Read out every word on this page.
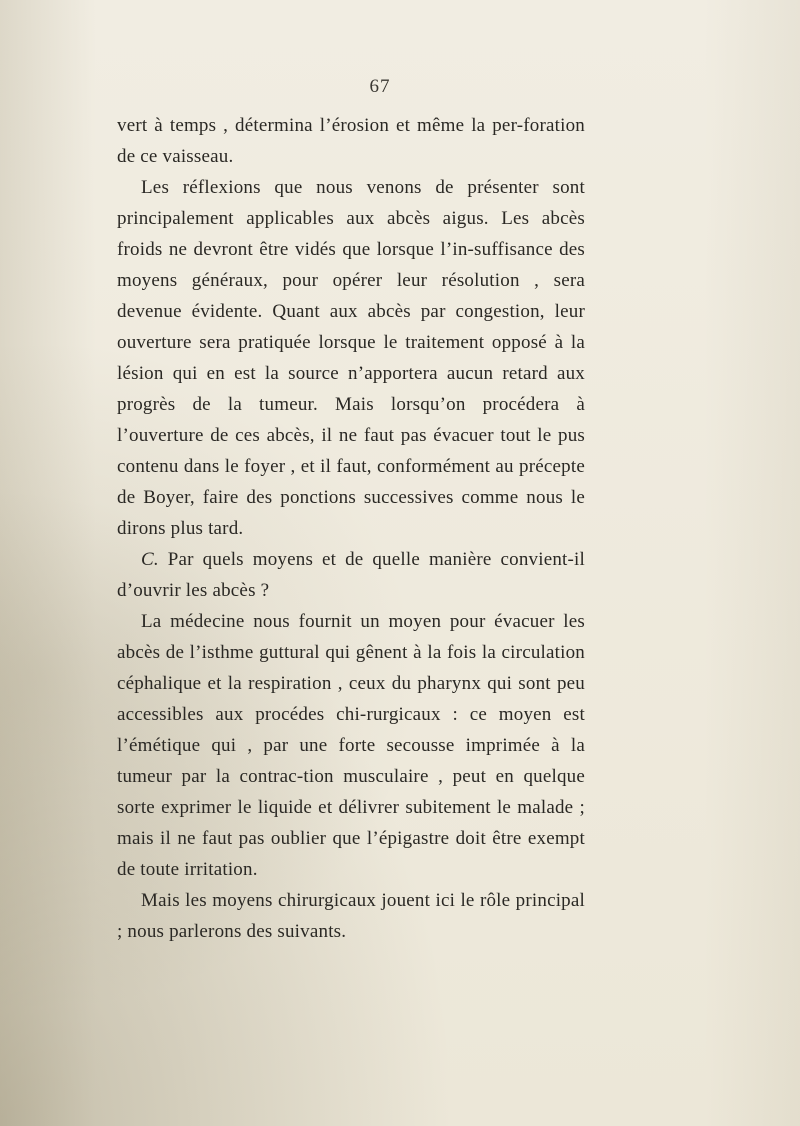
67

vert à temps , détermina l’érosion et même la per-foration de ce vaisseau.

Les réflexions que nous venons de présenter sont principalement applicables aux abcès aigus. Les abcès froids ne devront être vidés que lorsque l’in-suffisance des moyens généraux, pour opérer leur résolution , sera devenue évidente. Quant aux abcès par congestion, leur ouverture sera pratiquée lorsque le traitement opposé à la lésion qui en est la source n’apportera aucun retard aux progrès de la tumeur. Mais lorsqu’on procédera à l’ouverture de ces abcès, il ne faut pas évacuer tout le pus contenu dans le foyer , et il faut, conformément au précepte de Boyer, faire des ponctions successives comme nous le dirons plus tard.

C. Par quels moyens et de quelle manière convient-il d’ouvrir les abcès ?

La médecine nous fournit un moyen pour évacuer les abcès de l’isthme guttural qui gênent à la fois la circulation céphalique et la respiration , ceux du pharynx qui sont peu accessibles aux procédes chi-rurgicaux : ce moyen est l’émétique qui , par une forte secousse imprimée à la tumeur par la contrac-tion musculaire , peut en quelque sorte exprimer le liquide et délivrer subitement le malade ; mais il ne faut pas oublier que l’épigastre doit être exempt de toute irritation.

Mais les moyens chirurgicaux jouent ici le rôle principal ; nous parlerons des suivants.
